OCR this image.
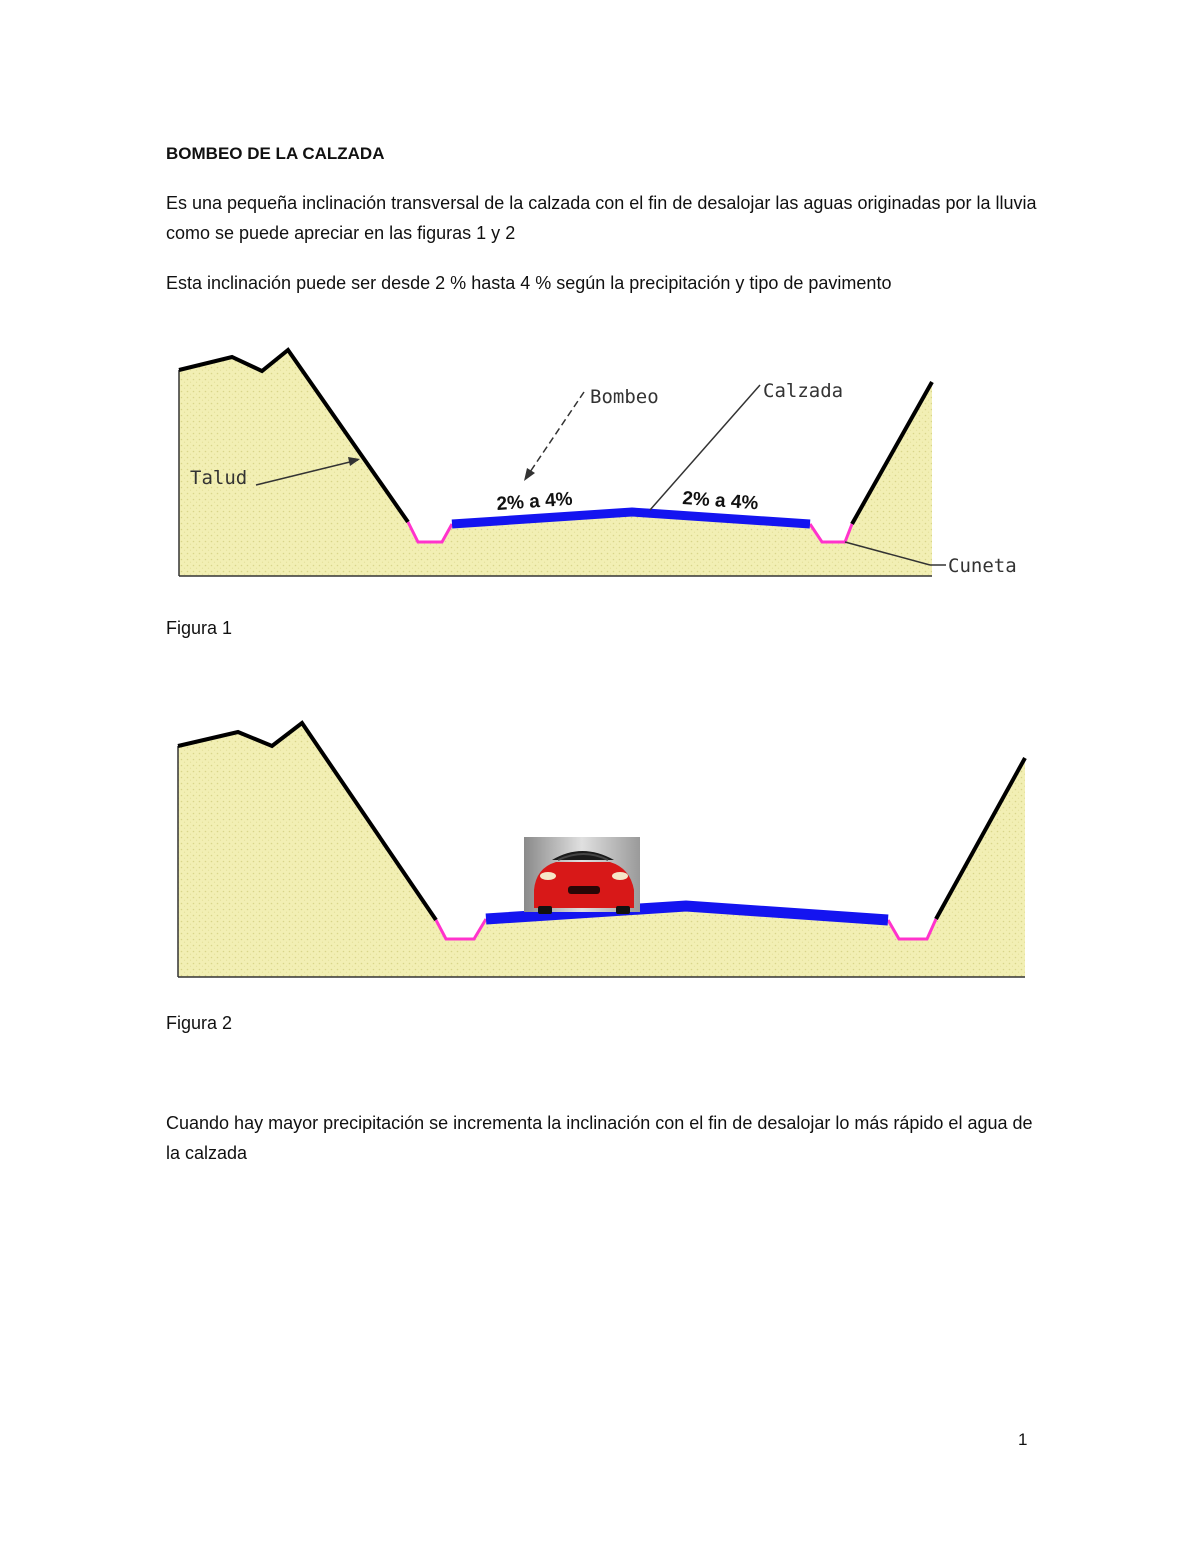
BOMBEO DE LA CALZADA
Es una pequeña inclinación transversal de la calzada con el fin de desalojar las aguas originadas por la lluvia como se puede apreciar en las figuras 1 y 2
Esta inclinación puede ser desde 2 % hasta 4 % según la precipitación y tipo de pavimento
Bombeo	Calzada
Talud
Cuneta
2% a 4%	2% a 4%
Figura 1
Figura 2
Cuando hay mayor precipitación se incrementa la inclinación con el fin de desalojar lo más rápido el agua de la calzada
1
